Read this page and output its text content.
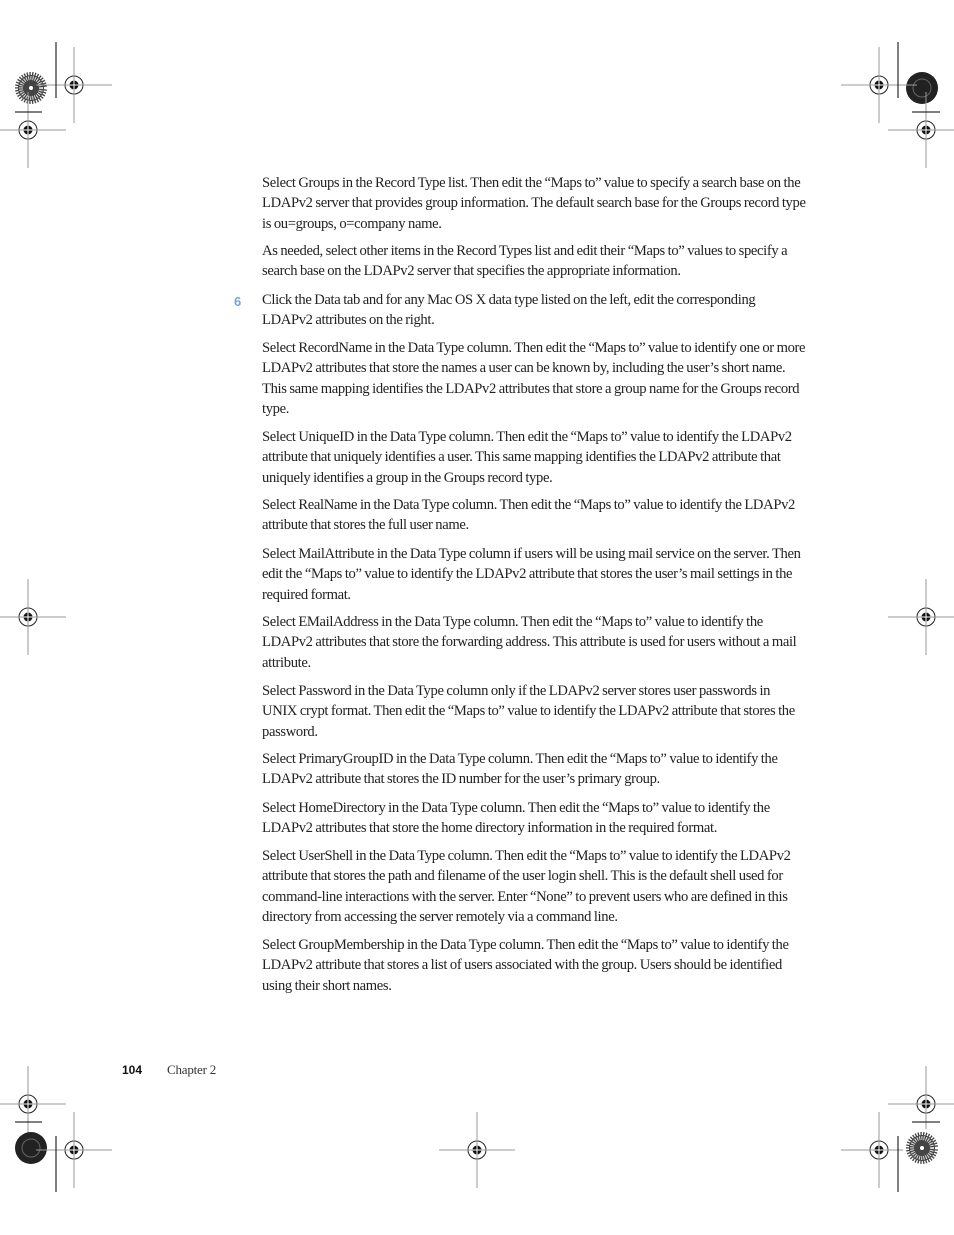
Select Groups in the Record Type list. Then edit the “Maps to” value to specify a search base on the LDAPv2 server that provides group information. The default search base for the Groups record type is ou=groups, o=company name.

As needed, select other items in the Record Types list and edit their “Maps to” values to specify a search base on the LDAPv2 server that specifies the appropriate information.

6 Click the Data tab and for any Mac OS X data type listed on the left, edit the corresponding LDAPv2 attributes on the right.

Select RecordName in the Data Type column. Then edit the “Maps to” value to identify one or more LDAPv2 attributes that store the names a user can be known by, including the user’s short name. This same mapping identifies the LDAPv2 attributes that store a group name for the Groups record type.

Select UniqueID in the Data Type column. Then edit the “Maps to” value to identify the LDAPv2 attribute that uniquely identifies a user. This same mapping identifies the LDAPv2 attribute that uniquely identifies a group in the Groups record type.

Select RealName in the Data Type column. Then edit the “Maps to” value to identify the LDAPv2 attribute that stores the full user name.

Select MailAttribute in the Data Type column if users will be using mail service on the server. Then edit the “Maps to” value to identify the LDAPv2 attribute that stores the user’s mail settings in the required format.

Select EMailAddress in the Data Type column. Then edit the “Maps to” value to identify the LDAPv2 attributes that store the forwarding address. This attribute is used for users without a mail attribute.

Select Password in the Data Type column only if the LDAPv2 server stores user passwords in UNIX crypt format. Then edit the “Maps to” value to identify the LDAPv2 attribute that stores the password.

Select PrimaryGroupID in the Data Type column. Then edit the “Maps to” value to identify the LDAPv2 attribute that stores the ID number for the user’s primary group.

Select HomeDirectory in the Data Type column. Then edit the “Maps to” value to identify the LDAPv2 attributes that store the home directory information in the required format.

Select UserShell in the Data Type column. Then edit the “Maps to” value to identify the LDAPv2 attribute that stores the path and filename of the user login shell. This is the default shell used for command-line interactions with the server. Enter “None” to prevent users who are defined in this directory from accessing the server remotely via a command line.

Select GroupMembership in the Data Type column. Then edit the “Maps to” value to identify the LDAPv2 attribute that stores a list of users associated with the group. Users should be identified using their short names.

104 Chapter 2
